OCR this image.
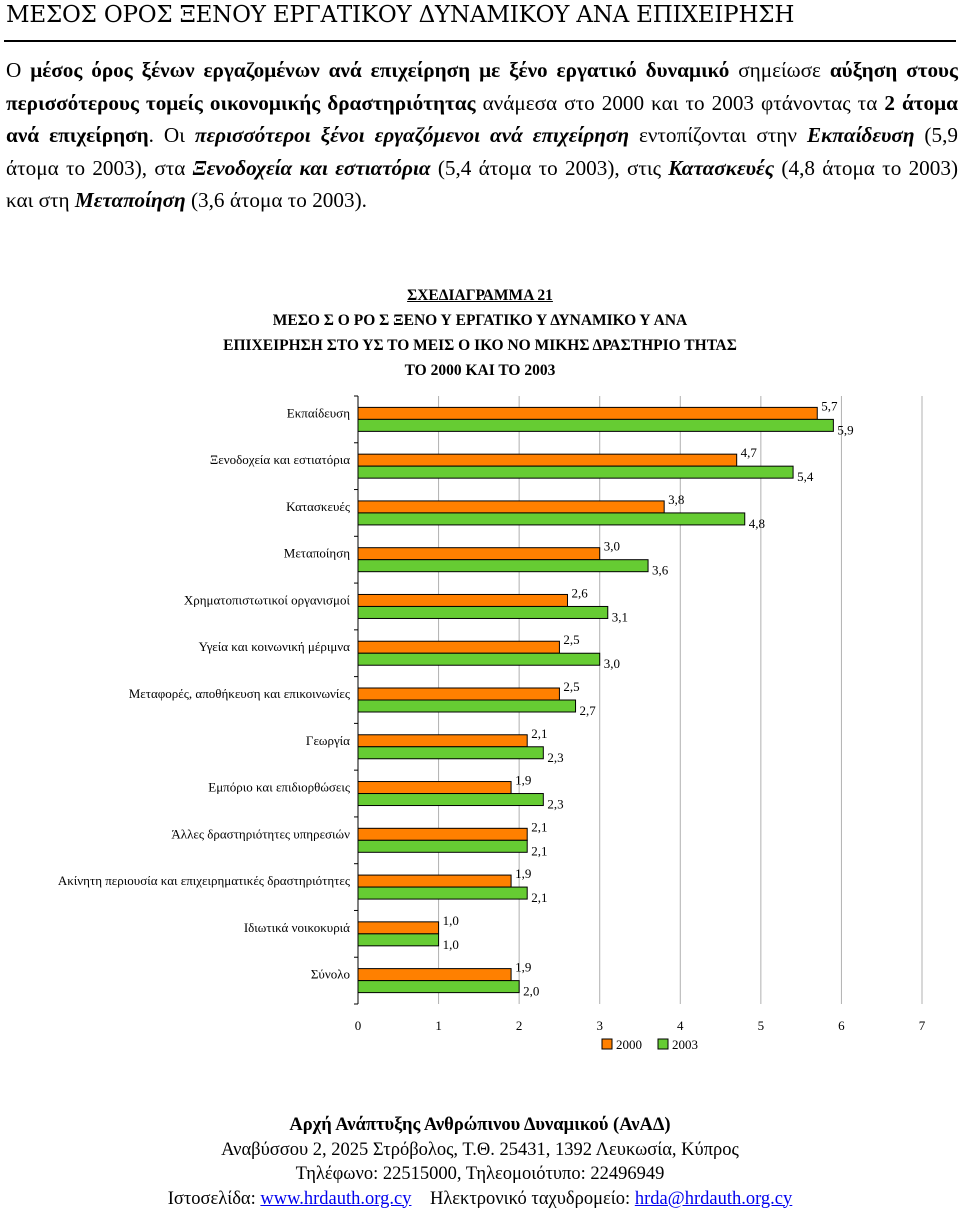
ΜΕΣΟΣ ΟΡΟΣ ΞΕΝΟΥ ΕΡΓΑΤΙΚΟΥ ΔΥΝΑΜΙΚΟΥ ΑΝΑ ΕΠΙΧΕΙΡΗΣΗ

Ο μέσος όρος ξένων εργαζομένων ανά επιχείρηση με ξένο εργατικό δυναμικό σημείωσε αύξηση στους περισσότερους τομείς οικονομικής δραστηριότητας ανάμεσα στο 2000 και το 2003 φτάνοντας τα 2 άτομα ανά επιχείρηση. Οι περισσότεροι ξένοι εργαζόμενοι ανά επιχείρηση εντοπίζονται στην Εκπαίδευση (5,9 άτομα το 2003), στα Ξενοδοχεία και εστιατόρια (5,4 άτομα το 2003), στις Κατασκευές (4,8 άτομα το 2003) και στη Μεταποίηση (3,6 άτομα το 2003).

ΣΧΕΔΙΑΓΡΑΜΜΑ 21
ΜΕΣΟ Σ Ο ΡΟ Σ ΞΕΝΟ Υ ΕΡΓΑΤΙΚΟ Υ ΔΥΝΑΜΙΚΟ Υ ΑΝΑ
ΕΠΙΧΕΙΡΗΣΗ ΣΤΟ ΥΣ ΤΟ ΜΕΙΣ Ο ΙΚΟ ΝΟ ΜΙΚΗΣ ΔΡΑΣΤΗΡΙΟ ΤΗΤΑΣ
ΤΟ 2000 ΚΑΙ ΤΟ 2003
0	1	2	3	4	5	6	7
Εκπαίδευση	5,7
5,9
Ξενοδοχεία και εστιατόρια	4,7
5,4
Κατασκευές	3,8
4,8
Μεταποίηση	3,0
3,6
Χρηματοπιστωτικοί οργανισμοί	2,6
3,1
Υγεία και κοινωνική μέριμνα	2,5
3,0
Μεταφορές, αποθήκευση και επικοινωνίες	2,5
2,7
Γεωργία	2,1
2,3
Εμπόριο και επιδιορθώσεις	1,9
2,3
Άλλες δραστηριότητες υπηρεσιών	2,1
2,1
Ακίνητη περιουσία και επιχειρηματικές δραστηριότητες	1,9
2,1
Ιδιωτικά νοικοκυριά	1,0
1,0
Σύνολο	1,9
2,0
2000 2003
Αρχή Ανάπτυξης Ανθρώπινου Δυναμικού (ΑνΑΔ)
Αναβύσσου 2, 2025 Στρόβολος, Τ.Θ. 25431, 1392 Λευκωσία, Κύπρος
Τηλέφωνο: 22515000, Τηλεομοιότυπο: 22496949
Ιστοσελίδα: www.hrdauth.org.cy Ηλεκτρονικό ταχυδρομείο: hrda@hrdauth.org.cy
